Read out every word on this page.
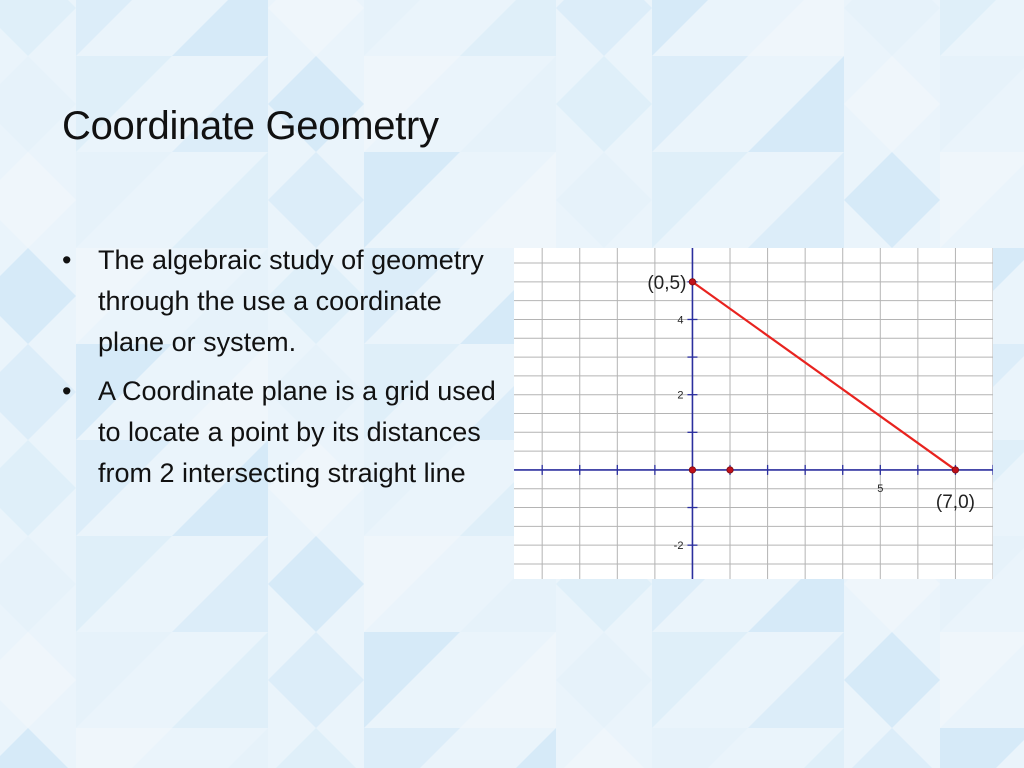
Coordinate Geometry
• The algebraic study of geometry through the use a coordinate plane or system.
• A Coordinate plane is a grid used to locate a point by its distances from 2 intersecting straight line
5
4
2
-2
(0,5)
(7,0)
